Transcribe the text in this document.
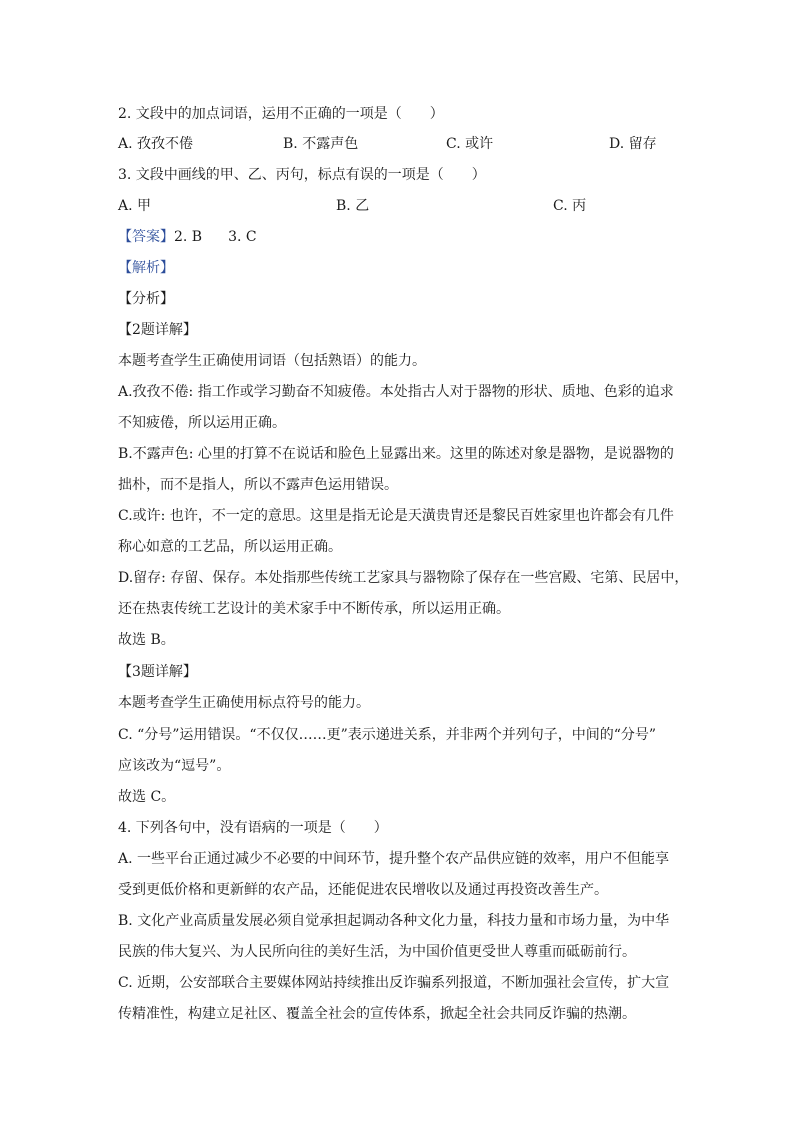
2. 文段中的加点词语，运用不正确的一项是（　　）
A. 孜孜不倦	B. 不露声色	C. 或许	D. 留存
3. 文段中画线的甲、乙、丙句，标点有误的一项是（　　）
A. 甲	B. 乙	C. 丙
【答案】2. B 3. C
【解析】
【分析】
【2题详解】
本题考查学生正确使用词语（包括熟语）的能力。
A.孜孜不倦: 指工作或学习勤奋不知疲倦。本处指古人对于器物的形状、质地、色彩的追求
不知疲倦，所以运用正确。
B.不露声色: 心里的打算不在说话和脸色上显露出来。这里的陈述对象是器物，是说器物的
拙朴，而不是指人，所以不露声色运用错误。
C.或许: 也许，不一定的意思。这里是指无论是天潢贵胄还是黎民百姓家里也许都会有几件
称心如意的工艺品，所以运用正确。
D.留存: 存留、保存。本处指那些传统工艺家具与器物除了保存在一些宫殿、宅第、民居中，
还在热衷传统工艺设计的美术家手中不断传承，所以运用正确。
故选 B。
【3题详解】
本题考查学生正确使用标点符号的能力。
C. “分号”运用错误。“不仅仅……更”表示递进关系，并非两个并列句子，中间的“分号”
应该改为“逗号”。
故选 C。
4. 下列各句中，没有语病的一项是（　　）
A. 一些平台正通过减少不必要的中间环节，提升整个农产品供应链的效率，用户不但能享
受到更低价格和更新鲜的农产品，还能促进农民增收以及通过再投资改善生产。
B. 文化产业高质量发展必须自觉承担起调动各种文化力量，科技力量和市场力量，为中华
民族的伟大复兴、为人民所向往的美好生活，为中国价值更受世人尊重而砥砺前行。
C. 近期，公安部联合主要媒体网站持续推出反诈骗系列报道，不断加强社会宣传，扩大宣
传精准性，构建立足社区、覆盖全社会的宣传体系，掀起全社会共同反诈骗的热潮。
